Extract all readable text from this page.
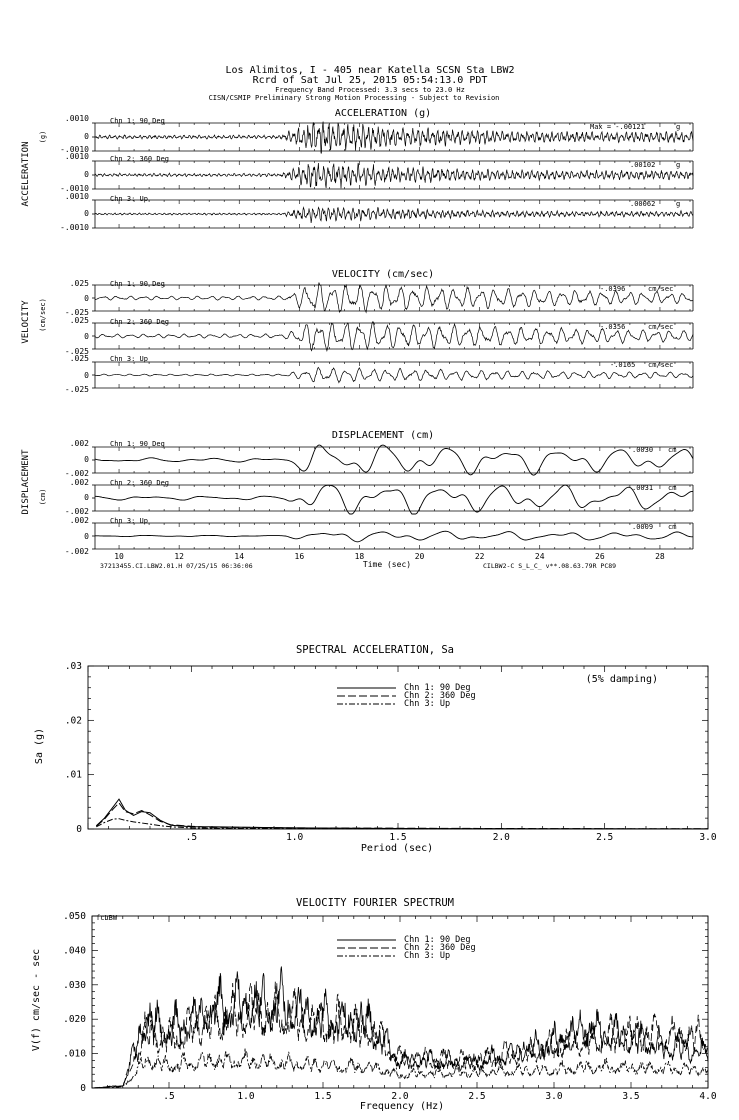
Los Alimitos, I - 405 near Katella SCSN Sta LBW2
Rcrd of Sat Jul 25, 2015 05:54:13.0 PDT
Frequency Band Processed: 3.3 secs to 23.0 Hz
CISN/CSMIP Preliminary Strong Motion Processing - Subject to Revision
ACCELERATION (g)
ACCELERATION
(g)
Chn 1: 90 Deg
Max = -.00121	g
.0010
0
-.0010
Chn 2: 360 Deg
.00102	g
.0010
0
-.0010
Chn 3: Up
.00062	g
.0010
0
-.0010
VELOCITY (cm/sec)
VELOCITY (cm/sec)
Chn 1: 90 Deg
-.0396	cm/sec
.025
0
-.025
Chn 2: 360 Deg
-.0356	cm/sec
.025
0
-.025
Chn 3: Up
-.0165 cm/sec
.025
0
-.025
DISPLACEMENT (cm)
DISPLACEMENT (cm)
Chn 1: 90 Deg
.0030 cm
.002
0
-.002
Chn 2: 360 Deg
.0031 cm
.002
0
-.002
Chn 3: Up
.0009 cm
.002
0
-.002
10	12	14	16	18	20	22	24	26	28
Time (sec)
37213455.CI.LBW2.01.H 07/25/15 06:36:06	CILBW2-C S_L_C_ v**.08.63.79R PC89
SPECTRAL ACCELERATION, Sa
Sa (g)
Period (sec)
(5% damping)
Chn 1: 90 Deg
Chn 2: 360 Deg
Chn 3: Up
.5	1.0	1.5	2.0	2.5	3.0
.03
.02
.01
0
VELOCITY FOURIER SPECTRUM
V(f) cm/sec - sec
Frequency (Hz)
fcLBW
Chn 1: 90 Deg
Chn 2: 360 Deg
Chn 3: Up
.5	1.0	1.5	2.0	2.5	3.0	3.5	4.0
.050
.040
.030
.020
.010
0
